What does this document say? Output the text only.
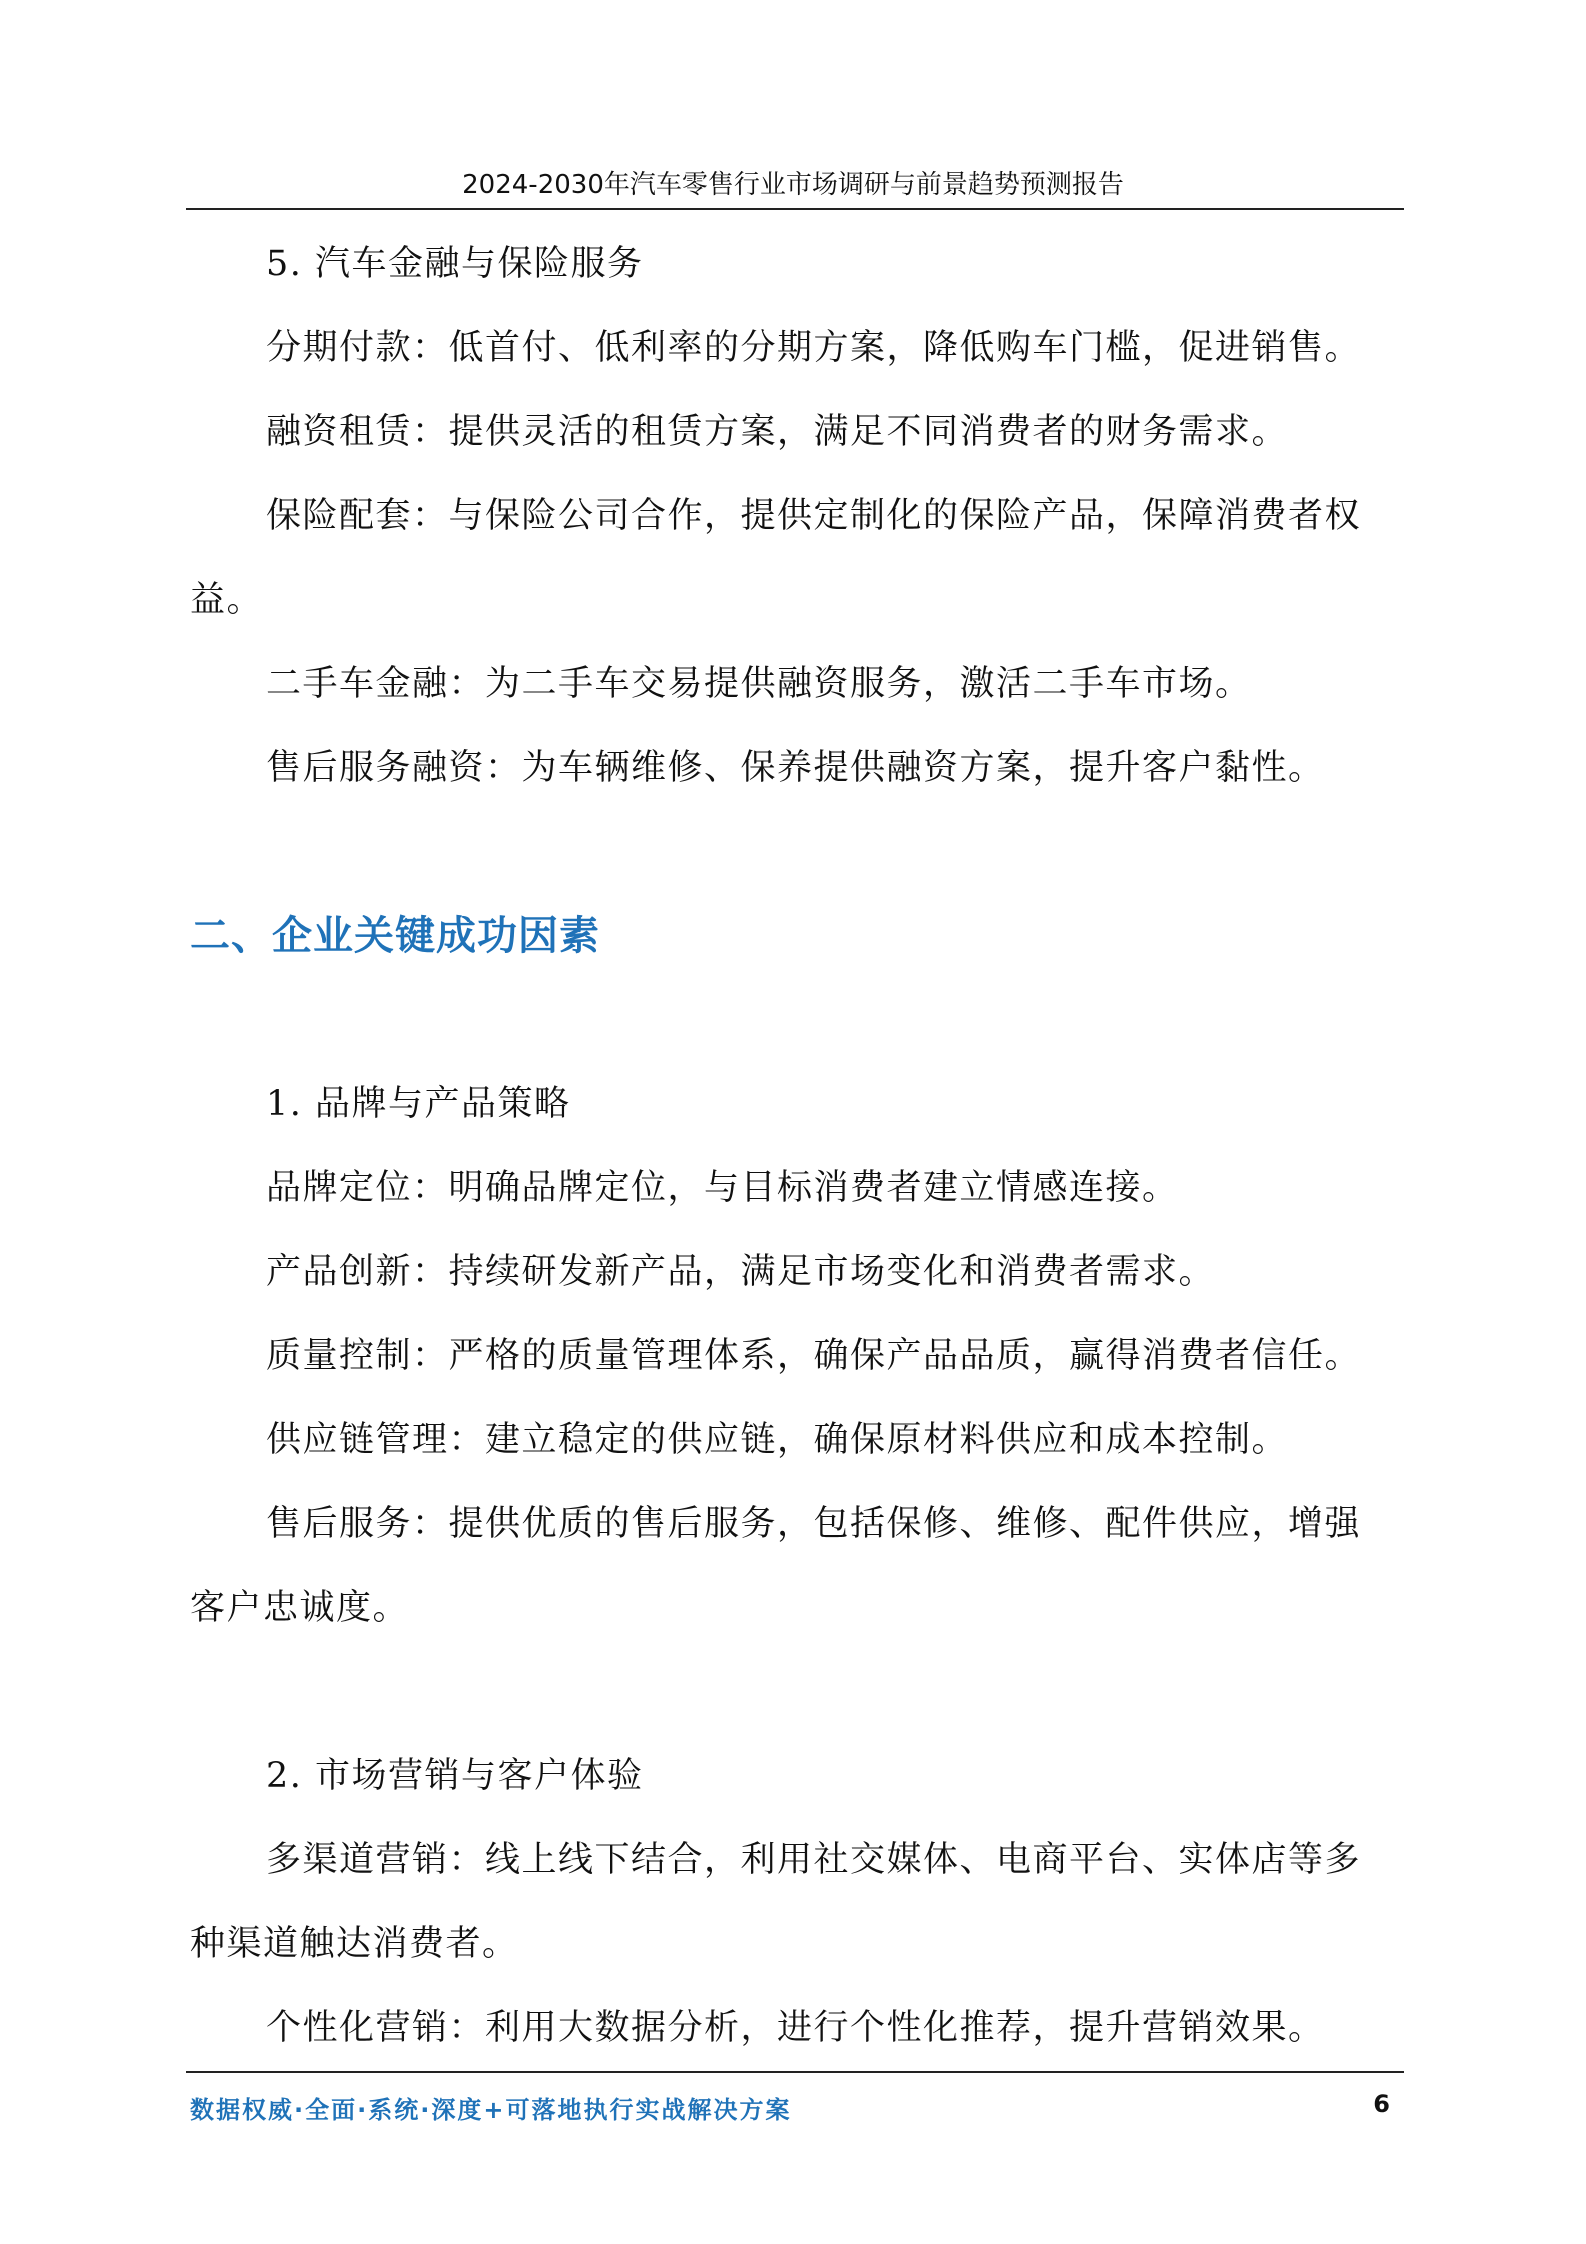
2024-2030年汽车零售行业市场调研与前景趋势预测报告

5. 汽车金融与保险服务

分期付款：低首付、低利率的分期方案，降低购车门槛，促进销售。

融资租赁：提供灵活的租赁方案，满足不同消费者的财务需求。

保险配套：与保险公司合作，提供定制化的保险产品，保障消费者权益。

二手车金融：为二手车交易提供融资服务，激活二手车市场。

售后服务融资：为车辆维修、保养提供融资方案，提升客户黏性。

二、企业关键成功因素

1. 品牌与产品策略

品牌定位：明确品牌定位，与目标消费者建立情感连接。

产品创新：持续研发新产品，满足市场变化和消费者需求。

质量控制：严格的质量管理体系，确保产品品质，赢得消费者信任。

供应链管理：建立稳定的供应链，确保原材料供应和成本控制。

售后服务：提供优质的售后服务，包括保修、维修、配件供应，增强客户忠诚度。

2. 市场营销与客户体验

多渠道营销：线上线下结合，利用社交媒体、电商平台、实体店等多种渠道触达消费者。

个性化营销：利用大数据分析，进行个性化推荐，提升营销效果。

数据权威·全面·系统·深度+可落地执行实战解决方案	6
